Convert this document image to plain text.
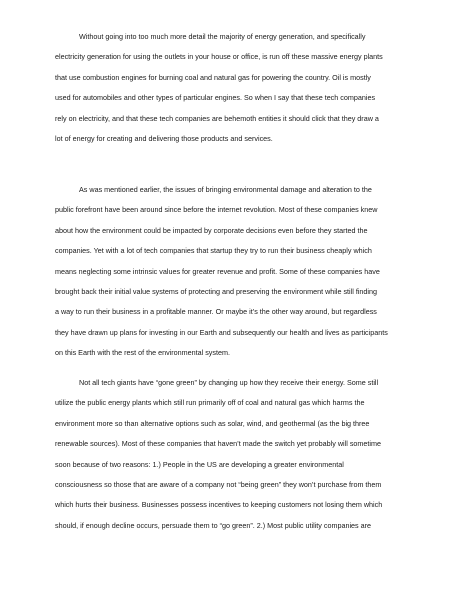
Without going into too much more detail the majority of energy generation, and specifically
electricity generation for using the outlets in your house or office, is run off these massive energy plants
that use combustion engines for burning coal and natural gas for powering the country. Oil is mostly
used for automobiles and other types of particular engines. So when I say that these tech companies
rely on electricity, and that these tech companies are behemoth entities it should click that they draw a
lot of energy for creating and delivering those products and services.
As was mentioned earlier, the issues of bringing environmental damage and alteration to the
public forefront have been around since before the internet revolution. Most of these companies knew
about how the environment could be impacted by corporate decisions even before they started the
companies. Yet with a lot of tech companies that startup they try to run their business cheaply which
means neglecting some intrinsic values for greater revenue and profit. Some of these companies have
brought back their initial value systems of protecting and preserving the environment while still finding
a way to run their business in a profitable manner. Or maybe it’s the other way around, but regardless
they have drawn up plans for investing in our Earth and subsequently our health and lives as participants
on this Earth with the rest of the environmental system.
Not all tech giants have “gone green” by changing up how they receive their energy. Some still
utilize the public energy plants which still run primarily off of coal and natural gas which harms the
environment more so than alternative options such as solar, wind, and geothermal (as the big three
renewable sources). Most of these companies that haven’t made the switch yet probably will sometime
soon because of two reasons: 1.) People in the US are developing a greater environmental
consciousness so those that are aware of a company not “being green” they won’t purchase from them
which hurts their business. Businesses possess incentives to keeping customers not losing them which
should, if enough decline occurs, persuade them to “go green”. 2.) Most public utility companies are
